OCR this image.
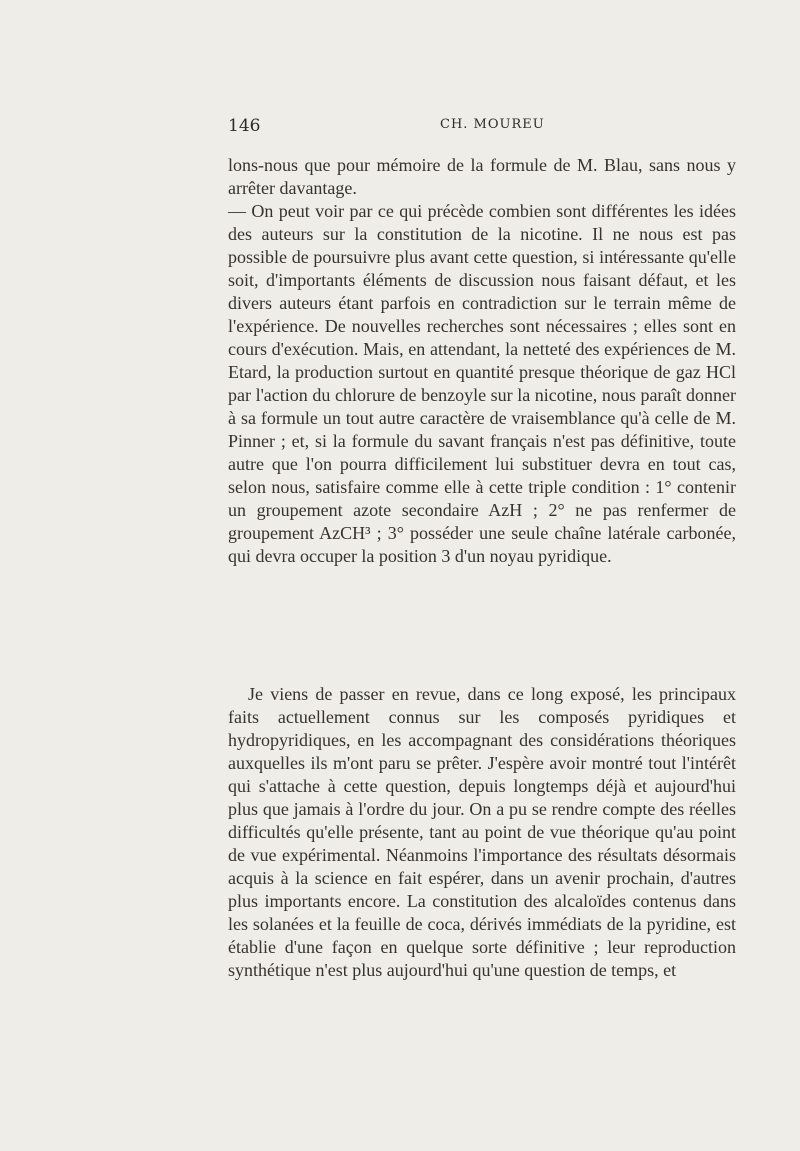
146	CH. MOUREU

lons-nous que pour mémoire de la formule de M. Blau, sans nous y arrêter davantage.

— On peut voir par ce qui précède combien sont différentes les idées des auteurs sur la constitution de la nicotine. Il ne nous est pas possible de poursuivre plus avant cette question, si intéressante qu'elle soit, d'importants éléments de discussion nous faisant défaut, et les divers auteurs étant parfois en contradiction sur le terrain même de l'expérience. De nouvelles recherches sont nécessaires ; elles sont en cours d'exécution. Mais, en attendant, la netteté des expériences de M. Etard, la production surtout en quantité presque théorique de gaz HCl par l'action du chlorure de benzoyle sur la nicotine, nous paraît donner à sa formule un tout autre caractère de vraisemblance qu'à celle de M. Pinner ; et, si la formule du savant français n'est pas définitive, toute autre que l'on pourra difficilement lui substituer devra en tout cas, selon nous, satisfaire comme elle à cette triple condition : 1° contenir un groupement azote secondaire AzH ; 2° ne pas renfermer de groupement AzCH³ ; 3° posséder une seule chaîne latérale carbonée, qui devra occuper la position 3 d'un noyau pyridique.

Je viens de passer en revue, dans ce long exposé, les principaux faits actuellement connus sur les composés pyridiques et hydropyridiques, en les accompagnant des considérations théoriques auxquelles ils m'ont paru se prêter. J'espère avoir montré tout l'intérêt qui s'attache à cette question, depuis longtemps déjà et aujourd'hui plus que jamais à l'ordre du jour. On a pu se rendre compte des réelles difficultés qu'elle présente, tant au point de vue théorique qu'au point de vue expérimental. Néanmoins l'importance des résultats désormais acquis à la science en fait espérer, dans un avenir prochain, d'autres plus importants encore. La constitution des alcaloïdes contenus dans les solanées et la feuille de coca, dérivés immédiats de la pyridine, est établie d'une façon en quelque sorte définitive ; leur reproduction synthétique n'est plus aujourd'hui qu'une question de temps, et
